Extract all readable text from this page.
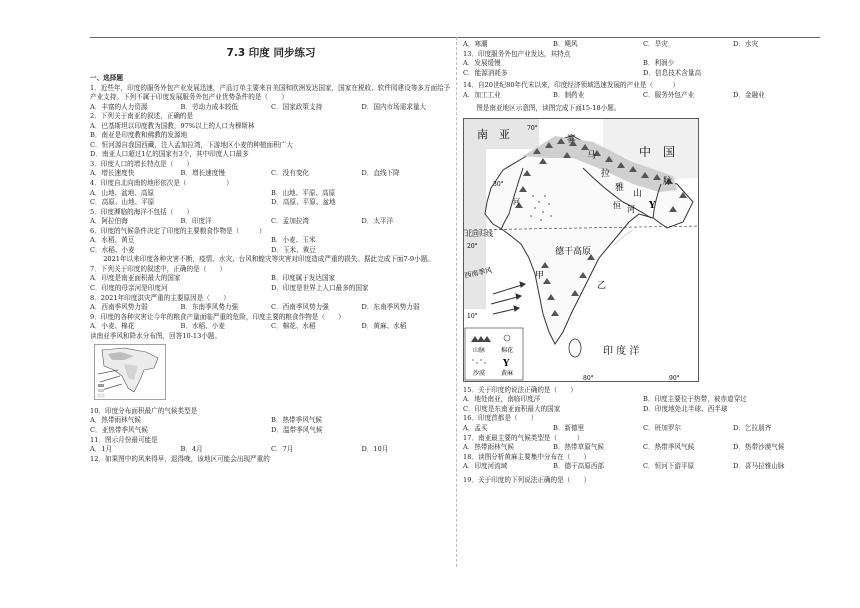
7.3 印度 同步练习
一、选择题
1．近些年，印度的服务外包产业发展迅速，产品订单主要来自美国和欧洲发达国家，国家在税收、软件园建设等多方面给予产业支持。下列不属于印度发展服务外包产业优势条件的是（　　）
A．丰富的人力资源	B．劳动力成本较低	C．国家政策支持	D．国内市场需求量大
2．下列关于南亚的叙述，正确的是
A．巴基斯坦以印度教为国教，97%以上的人口为穆斯林
B．南亚是印度教和佛教的发源地
C．恒河源自我国西藏，注入孟加拉湾，下游地区小麦的种植面积广大
D．南亚人口超过1亿的国家有3个，其中印度人口最多
3．印度人口的增长特点是（　　）
A．增长速度快	B．增长速度慢	C．没有变化	D．直线下降
4．印度自北向南的地形依次是（　　　　　　）
A．山地、盆地、高原	B．山地、平原、高原
C．高原、山地、平原	D．高原、平原、盆地
5．印度濒临的海洋不包括（　　）
A．阿拉伯海	B．印度洋	C．孟加拉湾	D．太平洋
6．印度的气候条件决定了印度的主要粮食作物是（　　　）
A．水稻、黄豆	B．小麦、玉米
C．水稻、小麦	D．玉米、黄豆
2021年以来印度各种灾害不断，疫情、水灾、台风和蝗灾等灾害对印度造成严重的损失。据此完成下面7-9小题。
7．下列关于印度的叙述中，正确的是（　　）
A．印度是南亚面积最大的国家	B．印度属于发达国家
C．印度的母亲河是印度河	D．印度是世界上人口最多的国家
8．2021年印度洪灾严重的主要原因是（　　）
A．西南季风势力弱	B．东南季风势力强	C．西南季风势力强	D．东南季风势力弱
9．印度的各种灾害让今年的粮食产量面临严重的危险，印度主要的粮食作物是（　　）
A．小麦、棉花	B．水稻、小麦	C．棉花、水稻	D．黄麻、水稻
读南亚季风和降水分布图，回答10-13小题。
10．印度分布面积最广的气候类型是
A．热带雨林气候	B．热带季风气候
C．亚热带季风气候	D．温带季风气候
11．图示月份最可能是
A．1月	B．4月	C．7月	D．10月
12．如果图中的风来得早，退得晚，该地区可能会出现严重的
A．寒潮	B．飓风	C．旱灾	D．水灾
13．印度服务外包产业发达，其特点
A．发展缓慢	B．利润少
C．能源消耗多	D．信息技术含量高
14．自20世纪80年代末以来，印度经济领域迅速发展的产业是（　　　）
A．加工工业	B．制药业	C．服务外包产业	D．金融业
图是南亚地区示意图，读图完成下面15-18小题。
南　亚
中　国
喜
马
拉
雅
山
脉
河	恒 河 Y
北回归线
德干高原
西南季风	甲
乙
印 度 洋
30°
20°
10°
70°
80°	90°
山脉	棉花
沙漠
Y
黄麻
15．关于印度的说法正确的是（　　）
A．地处南亚，南临印度洋	B．印度主要位于热带，被赤道穿过
C．印度是东南亚面积最大的国家	D．印度地处北半球、西半球
16．印度首都是（　　）
A．孟买	B．新德里	C．班加罗尔	D．乞拉朋齐
17．南亚最主要的气候类型是（　　　）
A．热带雨林气候	B．热带草原气候	C．热带季风气候	D．热带沙漠气候
18．读图分析黄麻主要集中分布在（　　）
A．印度河流域	B．德干高原西部	C．恒河下游平原	D．喜马拉雅山脉
19．关于印度的下列说法正确的是（　　）
